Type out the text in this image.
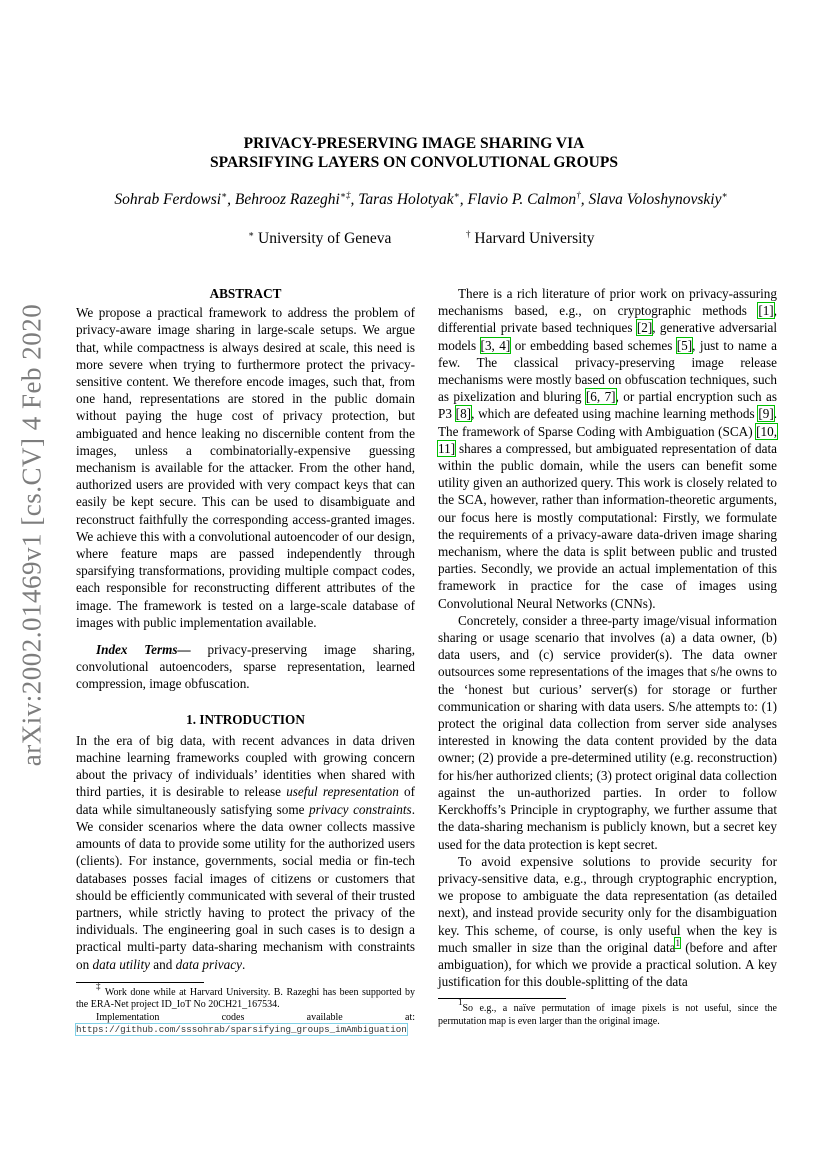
arXiv:2002.01469v1 [cs.CV] 4 Feb 2020
PRIVACY-PRESERVING IMAGE SHARING VIA
SPARSIFYING LAYERS ON CONVOLUTIONAL GROUPS
Sohrab Ferdowsi∗, Behrooz Razeghi∗‡, Taras Holotyak∗, Flavio P. Calmon†, Slava Voloshynovskiy∗
∗ University of Geneva	† Harvard University
ABSTRACT

We propose a practical framework to address the problem of privacy-aware image sharing in large-scale setups. We argue that, while compactness is always desired at scale, this need is more severe when trying to furthermore protect the privacy-sensitive content. We therefore encode images, such that, from one hand, representations are stored in the public domain without paying the huge cost of privacy protection, but ambiguated and hence leaking no discernible content from the images, unless a combinatorially-expensive guessing mechanism is available for the attacker. From the other hand, authorized users are provided with very compact keys that can easily be kept secure. This can be used to disambiguate and reconstruct faithfully the corresponding access-granted images. We achieve this with a convolutional autoencoder of our design, where feature maps are passed independently through sparsifying transformations, providing multiple compact codes, each responsible for reconstructing different attributes of the image. The framework is tested on a large-scale database of images with public implementation available.

Index Terms— privacy-preserving image sharing, convolutional autoencoders, sparse representation, learned compression, image obfuscation.

1. INTRODUCTION

In the era of big data, with recent advances in data driven machine learning frameworks coupled with growing concern about the privacy of individuals’ identities when shared with third parties, it is desirable to release useful representation of data while simultaneously satisfying some privacy constraints. We consider scenarios where the data owner collects massive amounts of data to provide some utility for the authorized users (clients). For instance, governments, social media or fin-tech databases posses facial images of citizens or customers that should be efficiently communicated with several of their trusted partners, while strictly having to protect the privacy of the individuals. The engineering goal in such cases is to design a practical multi-party data-sharing mechanism with constraints on data utility and data privacy.

‡ Work done while at Harvard University. B. Razeghi has been supported by the ERA-Net project ID_IoT No 20CH21_167534.

Implementation codes available at: https://github.com/sssohrab/sparsifying_groups_imAmbiguation

There is a rich literature of prior work on privacy-assuring mechanisms based, e.g., on cryptographic methods [1], differential private based techniques [2], generative adversarial models [3, 4] or embedding based schemes [5], just to name a few. The classical privacy-preserving image release mechanisms were mostly based on obfuscation techniques, such as pixelization and bluring [6, 7], or partial encryption such as P3 [8], which are defeated using machine learning methods [9]. The framework of Sparse Coding with Ambiguation (SCA) [10, 11] shares a compressed, but ambiguated representation of data within the public domain, while the users can benefit some utility given an authorized query. This work is closely related to the SCA, however, rather than information-theoretic arguments, our focus here is mostly computational: Firstly, we formulate the requirements of a privacy-aware data-driven image sharing mechanism, where the data is split between public and trusted parties. Secondly, we provide an actual implementation of this framework in practice for the case of images using Convolutional Neural Networks (CNNs).

Concretely, consider a three-party image/visual information sharing or usage scenario that involves (a) a data owner, (b) data users, and (c) service provider(s). The data owner outsources some representations of the images that s/he owns to the ‘honest but curious’ server(s) for storage or further communication or sharing with data users. S/he attempts to: (1) protect the original data collection from server side analyses interested in knowing the data content provided by the data owner; (2) provide a pre-determined utility (e.g. reconstruction) for his/her authorized clients; (3) protect original data collection against the un-authorized parties. In order to follow Kerckhoffs’s Principle in cryptography, we further assume that the data-sharing mechanism is publicly known, but a secret key used for the data protection is kept secret.

To avoid expensive solutions to provide security for privacy-sensitive data, e.g., through cryptographic encryption, we propose to ambiguate the data representation (as detailed next), and instead provide security only for the disambiguation key. This scheme, of course, is only useful when the key is much smaller in size than the original data$^1$ (before and after ambiguation), for which we provide a practical solution. A key justification for this double-splitting of the data

$^1$So e.g., a naïve permutation of image pixels is not useful, since the permutation map is even larger than the original image.
